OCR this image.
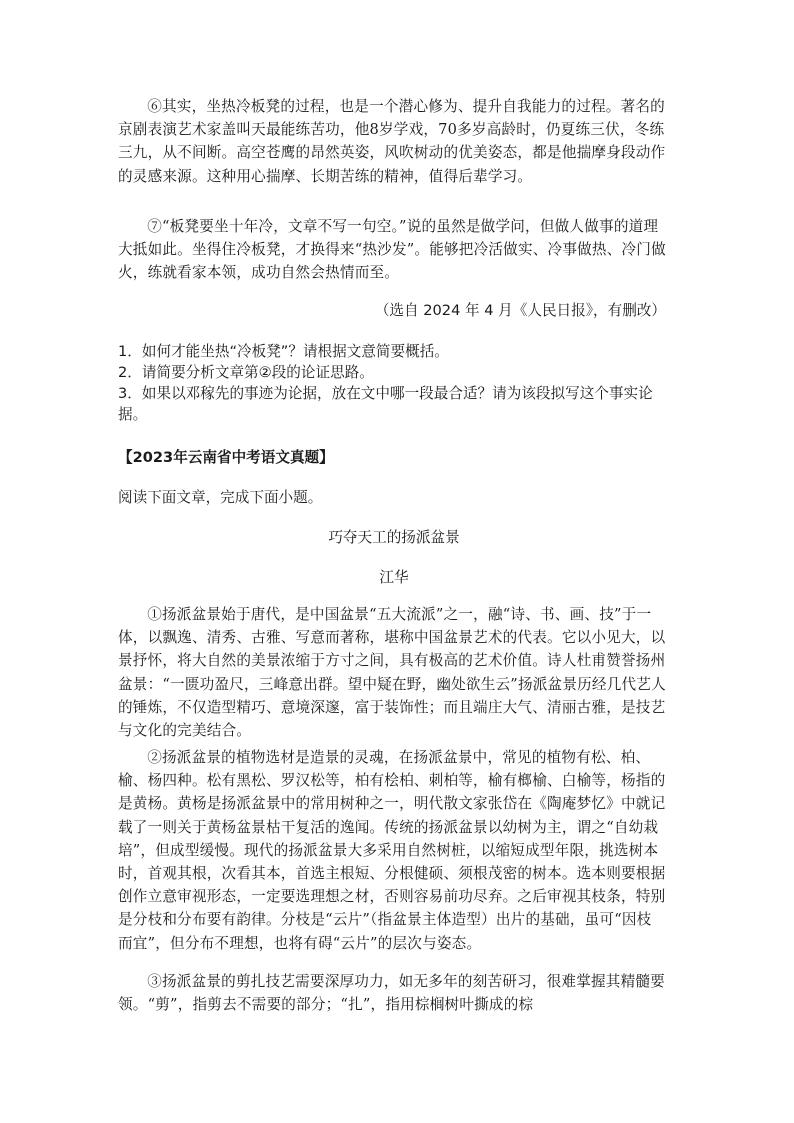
⑥其实，坐热冷板凳的过程，也是一个潜心修为、提升自我能力的过程。著名的京剧表演艺术家盖叫天最能练苦功，他8岁学戏，70多岁高龄时，仍夏练三伏，冬练三九，从不间断。高空苍鹰的昂然英姿，风吹树动的优美姿态，都是他揣摩身段动作的灵感来源。这种用心揣摩、长期苦练的精神，值得后辈学习。

⑦“板凳要坐十年冷，文章不写一句空。”说的虽然是做学问，但做人做事的道理大抵如此。坐得住冷板凳，才换得来“热沙发”。能够把冷活做实、冷事做热、冷门做火，练就看家本领，成功自然会热情而至。

（选自 2024 年 4 月《人民日报》，有删改）

1．如何才能坐热“冷板凳”？请根据文意简要概括。

2．请简要分析文章第②段的论证思路。

3．如果以邓稼先的事迹为论据，放在文中哪一段最合适？请为该段拟写这个事实论据。

【2023年云南省中考语文真题】

阅读下面文章，完成下面小题。

巧夺天工的扬派盆景

江华

①扬派盆景始于唐代，是中国盆景“五大流派”之一，融“诗、书、画、技”于一体，以飘逸、清秀、古雅、写意而著称，堪称中国盆景艺术的代表。它以小见大，以景抒怀，将大自然的美景浓缩于方寸之间，具有极高的艺术价值。诗人杜甫赞誉扬州盆景：“一匮功盈尺，三峰意出群。望中疑在野，幽处欲生云”扬派盆景历经几代艺人的锤炼，不仅造型精巧、意境深邃，富于装饰性；而且端庄大气、清丽古雅，是技艺与文化的完美结合。

②扬派盆景的植物选材是造景的灵魂，在扬派盆景中，常见的植物有松、柏、榆、杨四种。松有黑松、罗汉松等，柏有桧柏、刺柏等，榆有榔榆、白榆等，杨指的是黄杨。黄杨是扬派盆景中的常用树种之一，明代散文家张岱在《陶庵梦忆》中就记载了一则关于黄杨盆景枯干复活的逸闻。传统的扬派盆景以幼树为主，谓之“自幼栽培”，但成型缓慢。现代的扬派盆景大多采用自然树桩，以缩短成型年限，挑选树本时，首观其根，次看其本，首选主根短、分根健硕、须根茂密的树本。选本则要根据创作立意审视形态，一定要选理想之材，否则容易前功尽弃。之后审视其枝条，特别是分枝和分布要有韵律。分枝是“云片”（指盆景主体造型）出片的基础，虽可“因枝而宜”，但分布不理想，也将有碍“云片”的层次与姿态。

③扬派盆景的剪扎技艺需要深厚功力，如无多年的刻苦研习，很难掌握其精髓要领。“剪”，指剪去不需要的部分；“扎”，指用棕榈树叶撕成的棕
